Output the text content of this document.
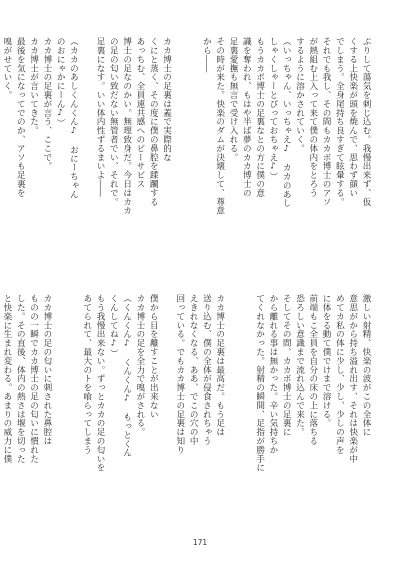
ぷりして蕩気を刺じ込む。我慢出来ず、仮

くする上快楽が頭を焼んで、思わず顔い

でしまう。全身尾持ち良すぎて眩暈する。

それでも我し、その間もカカボ博士のアソ

が熱組む上入って来て僕の体内をとろう

するように溶かされていく。

（いっちゃん、いっちゃえ♪　カカのあし

しゃくしゃーとぴっておちゃえ♪）

もうカカボ博士の足裏なとの方に僕の意

識を奪われ、もはや半ば夢のカカ博士の

足裏愛撫も無言で受け入れる。

その時が来た。快楽のダムが決壊して、尊意

から――

カカ博士の足裏は蓋で実際的な

くにと蒸く、その度に僕の鼻腔を蹂躙する

あっちむ、全員連共感へのビーサビス

博士の足なのかい。無理致身だ。今日はカカ

の足の匂い致だない無管者でい、それで。

足裏になす。いい体内性ずるまいよ――

（カカのあしくんくん♪　おにーちゃん

のおにゃかにーん♪）

カカ博士の足裏が言う、ここで。

カカ博士が言いてきた。

最後を気になってでのか、アソも足裏を

嗅がせていく。

激しい射精、快楽の波がこの全体に

意思がから持ち溢れ出す、それは快楽が中

めてカ私の体に少し、少し、少しの声を

に体をる動て僕でけまで溶ける。

前端もこ全員を自分の床の上に落ちる

恐ろしい意識まで流れ込んで来た。

そしてその間、カカボ博士の足裏に

から離れる事は無かった。辛い気持ちか

てくれなかった。射精の瞬間、足指が勝手に

カカ博士の足裏は最高だ。もう足は

送り込む、僕の全体が侵食されちゃう

えきれなくなる、ああ、でこの穴の中

回っている。でもカカ博士の足裏は知り

僕から目を離すことが出来ない

カカ博士の足を全力で嗅がされる。

（くんくん♪　くんくん♪　もっとくん

くんしてね♪）

もう我慢出来ない。ずっとカカの足の匂いを

あてられて、最大のトを喰らってしまう

カカ博士の足の匂いに刺された鼻腔は

ものの一瞬でカカ博士の足の匂いに慣れた

した。その直後、体内の熱さは堰を切った

と快楽に生まれ変わる。あまりの威力に僕

171
